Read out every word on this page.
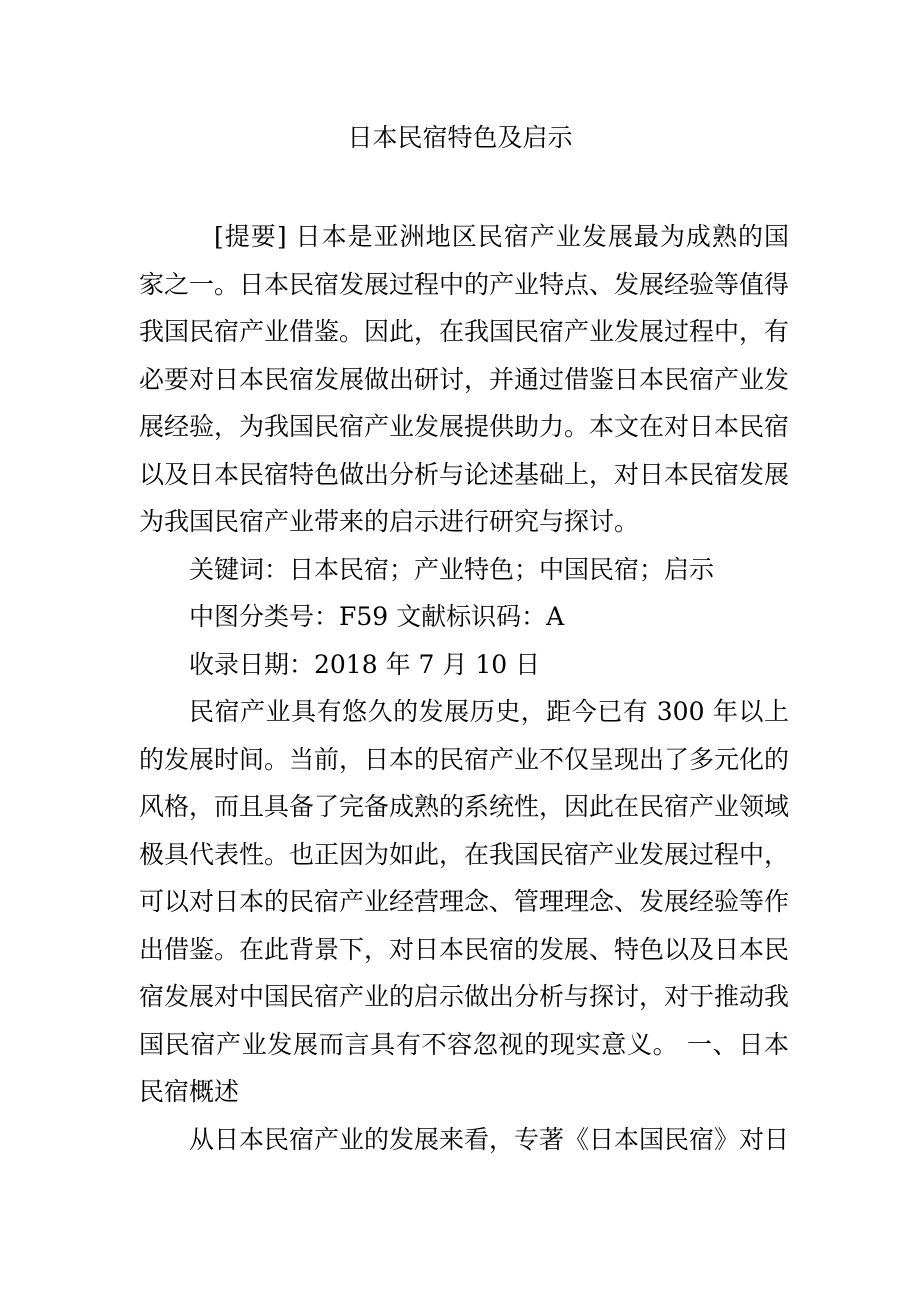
日本民宿特色及启示

[提要] 日本是亚洲地区民宿产业发展最为成熟的国家之一。日本民宿发展过程中的产业特点、发展经验等值得我国民宿产业借鉴。因此，在我国民宿产业发展过程中，有必要对日本民宿发展做出研讨，并通过借鉴日本民宿产业发展经验，为我国民宿产业发展提供助力。本文在对日本民宿以及日本民宿特色做出分析与论述基础上，对日本民宿发展为我国民宿产业带来的启示进行研究与探讨。

关键词：日本民宿；产业特色；中国民宿；启示

中图分类号：F59 文献标识码：A

收录日期：2018 年 7 月 10 日

民宿产业具有悠久的发展历史，距今已有 300 年以上的发展时间。当前，日本的民宿产业不仅呈现出了多元化的风格，而且具备了完备成熟的系统性，因此在民宿产业领域极具代表性。也正因为如此，在我国民宿产业发展过程中，可以对日本的民宿产业经营理念、管理理念、发展经验等作出借鉴。在此背景下，对日本民宿的发展、特色以及日本民宿发展对中国民宿产业的启示做出分析与探讨，对于推动我国民宿产业发展而言具有不容忽视的现实意义。 一、日本民宿概述

从日本民宿产业的发展来看，专著《日本国民宿》对日
